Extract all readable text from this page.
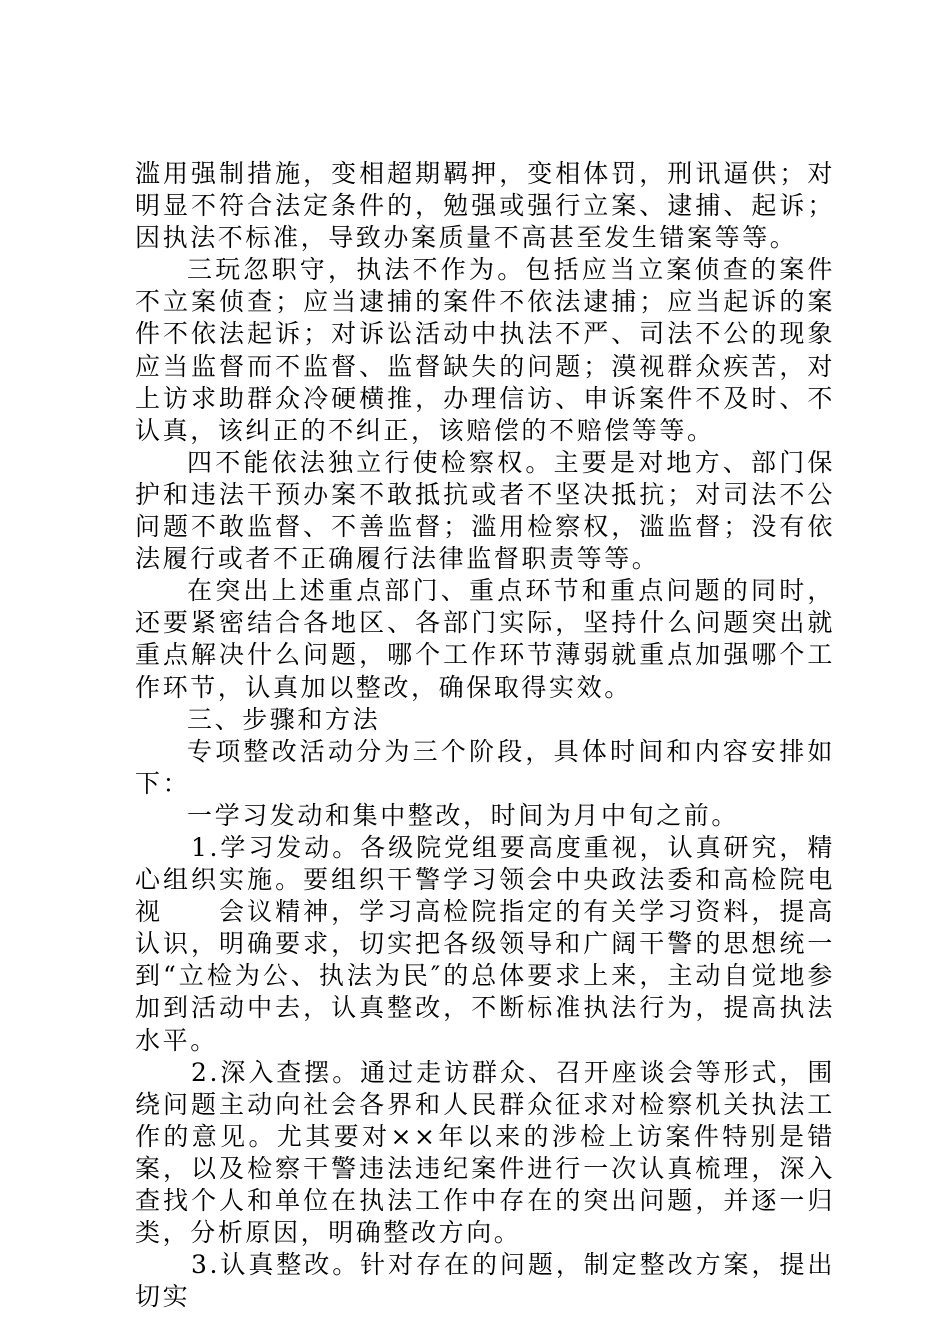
滥用强制措施，变相超期羁押，变相体罚，刑讯逼供；对明显不符合法定条件的，勉强或强行立案、逮捕、起诉；因执法不标准，导致办案质量不高甚至发生错案等等。

三玩忽职守，执法不作为。包括应当立案侦查的案件不立案侦查；应当逮捕的案件不依法逮捕；应当起诉的案件不依法起诉；对诉讼活动中执法不严、司法不公的现象应当监督而不监督、监督缺失的问题；漠视群众疾苦，对上访求助群众冷硬横推，办理信访、申诉案件不及时、不认真，该纠正的不纠正，该赔偿的不赔偿等等。

四不能依法独立行使检察权。主要是对地方、部门保护和违法干预办案不敢抵抗或者不坚决抵抗；对司法不公问题不敢监督、不善监督；滥用检察权，滥监督；没有依法履行或者不正确履行法律监督职责等等。

在突出上述重点部门、重点环节和重点问题的同时，还要紧密结合各地区、各部门实际，坚持什么问题突出就重点解决什么问题，哪个工作环节薄弱就重点加强哪个工作环节，认真加以整改，确保取得实效。

三、步骤和方法

专项整改活动分为三个阶段，具体时间和内容安排如下：

一学习发动和集中整改，时间为月中旬之前。

1.学习发动。各级院党组要高度重视，认真研究，精心组织实施。要组织干警学习领会中央政法委和高检院电视　　会议精神，学习高检院指定的有关学习资料，提高认识，明确要求，切实把各级领导和广阔干警的思想统一到“立检为公、执法为民″的总体要求上来，主动自觉地参加到活动中去，认真整改，不断标准执法行为，提高执法水平。

2.深入查摆。通过走访群众、召开座谈会等形式，围绕问题主动向社会各界和人民群众征求对检察机关执法工作的意见。尤其要对××年以来的涉检上访案件特别是错案，以及检察干警违法违纪案件进行一次认真梳理，深入查找个人和单位在执法工作中存在的突出问题，并逐一归类，分析原因，明确整改方向。

3.认真整改。针对存在的问题，制定整改方案，提出切实
